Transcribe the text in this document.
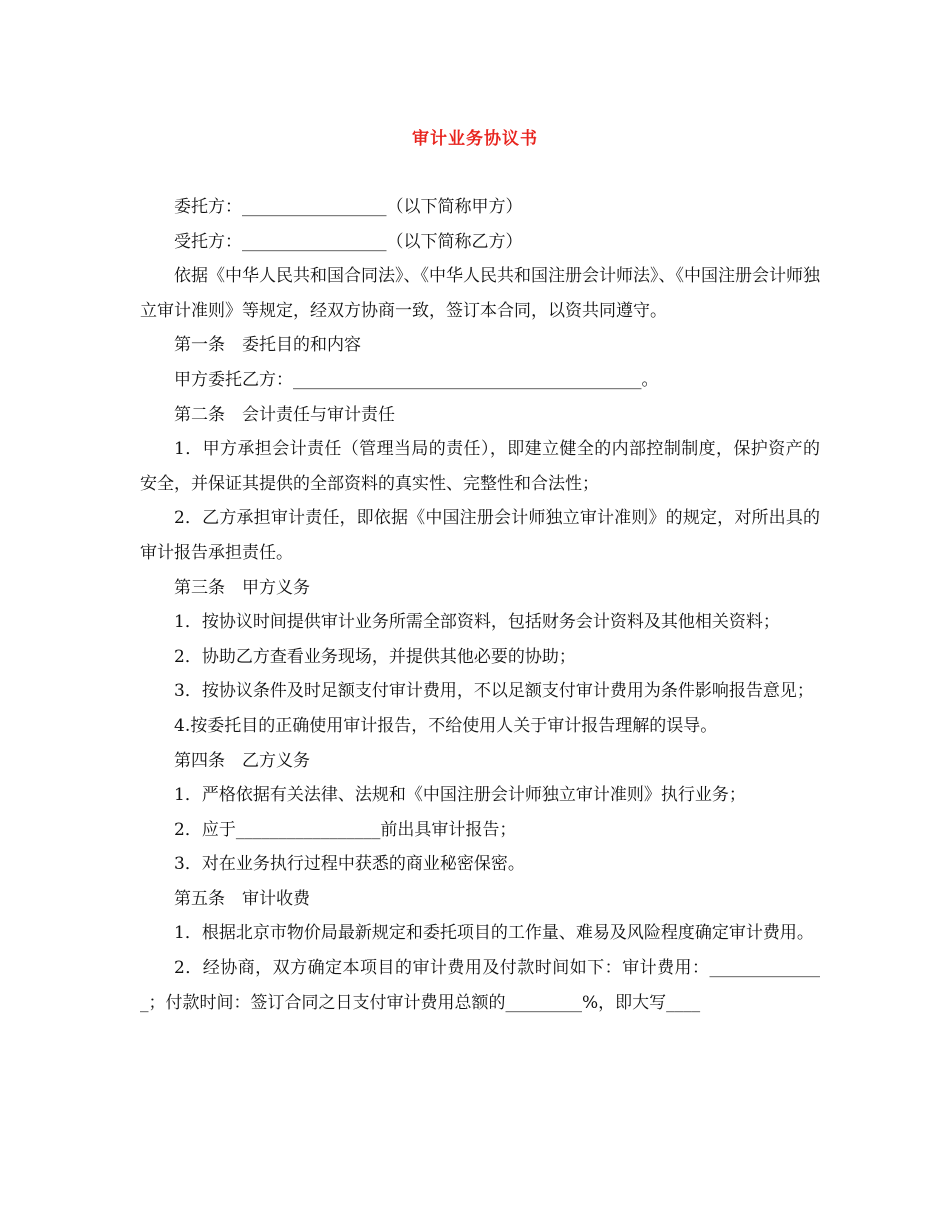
审计业务协议书

委托方：_________________（以下简称甲方）

受托方：_________________（以下简称乙方）

依据《中华人民共和国合同法》、《中华人民共和国注册会计师法》、《中国注册会计师独立审计准则》等规定，经双方协商一致，签订本合同，以资共同遵守。

第一条　委托目的和内容

甲方委托乙方：_________________________________________。

第二条　会计责任与审计责任

1．甲方承担会计责任（管理当局的责任），即建立健全的内部控制制度，保护资产的安全，并保证其提供的全部资料的真实性、完整性和合法性；

2．乙方承担审计责任，即依据《中国注册会计师独立审计准则》的规定，对所出具的审计报告承担责任。

第三条　甲方义务

1．按协议时间提供审计业务所需全部资料，包括财务会计资料及其他相关资料；

2．协助乙方查看业务现场，并提供其他必要的协助；

3．按协议条件及时足额支付审计费用，不以足额支付审计费用为条件影响报告意见；

4.按委托目的正确使用审计报告，不给使用人关于审计报告理解的误导。

第四条　乙方义务

1．严格依据有关法律、法规和《中国注册会计师独立审计准则》执行业务；

2．应于_________________前出具审计报告；

3．对在业务执行过程中获悉的商业秘密保密。

第五条　审计收费

1．根据北京市物价局最新规定和委托项目的工作量、难易及风险程度确定审计费用。

2．经协商，双方确定本项目的审计费用及付款时间如下：审计费用：______________；付款时间：签订合同之日支付审计费用总额的_________%，即大写____
